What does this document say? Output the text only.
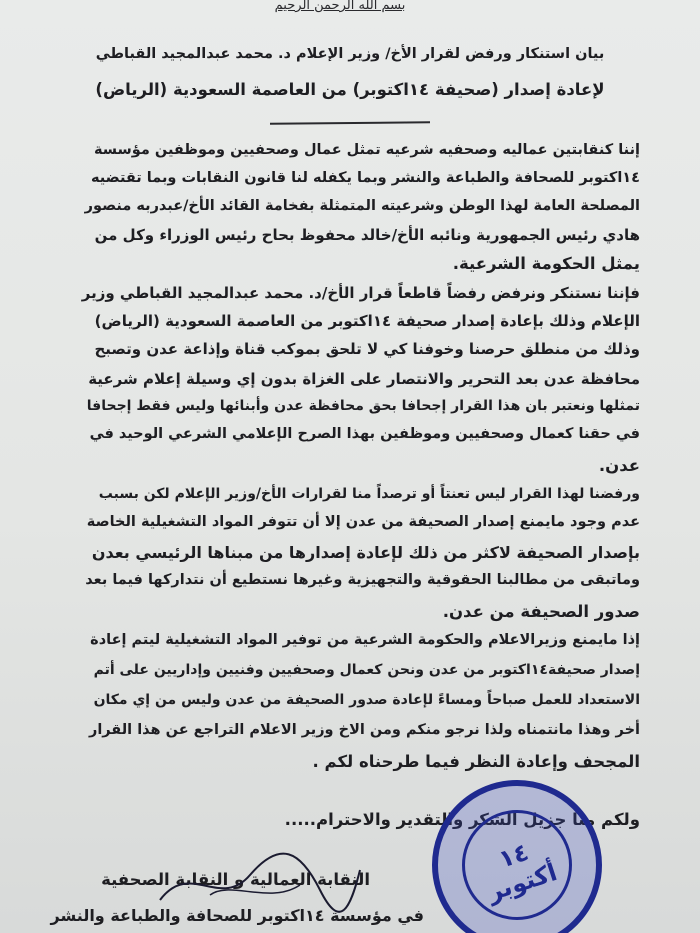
بسم الله الرحمن الرحيم
بيان استنكار ورفض لقرار الأخ/ وزير الإعلام د. محمد عبدالمجيد القباطي
لإعادة إصدار (صحيفة ١٤اكتوبر) من العاصمة السعودية (الرياض)
إننا كنقابتين عماليه وصحفيه شرعيه تمثل عمال وصحفيين وموظفين مؤسسة
١٤اكتوبر للصحافة والطباعة والنشر وبما يكفله لنا قانون النقابات وبما تقتضيه
المصلحة العامة لهذا الوطن وشرعيته المتمثلة بفخامة القائد الأخ/عبدربه منصور
هادي رئيس الجمهورية ونائبه الأخ/خالد محفوظ بحاح رئيس الوزراء وكل من
يمثل الحكومة الشرعية.
فإننا نستنكر ونرفض رفضاً قاطعاً قرار الأخ/د. محمد عبدالمجيد القباطي وزير
الإعلام وذلك بإعادة إصدار صحيفة ١٤اكتوبر من العاصمة السعودية (الرياض)
وذلك من منطلق حرصنا وخوفنا كي لا تلحق بموكب قناة وإذاعة عدن وتصبح
محافظة عدن بعد التحرير والانتصار على الغزاة بدون إي وسيلة إعلام شرعية
تمثلها ونعتبر بان هذا القرار إجحافا بحق محافظة عدن وأبنائها وليس فقط إجحافا
في حقنا كعمال وصحفيين وموظفين بهذا الصرح الإعلامي الشرعي الوحيد في
عدن.
ورفضنا لهذا القرار ليس تعنتاً أو ترصداً منا لقرارات الأخ/وزير الإعلام لكن بسبب
عدم وجود مايمنع إصدار الصحيفة من عدن إلا أن تتوفر المواد التشغيلية الخاصة
بإصدار الصحيفة لاكثر من ذلك لإعادة إصدارها من مبناها الرئيسي بعدن
وماتبقى من مطالبنا الحقوقية والتجهيزية وغيرها نستطيع أن نتداركها فيما بعد
صدور الصحيفة من عدن.
إذا مايمنع وزيرالاعلام والحكومة الشرعية من توفير المواد التشغيلية ليتم إعادة
إصدار صحيفة١٤اكتوبر من عدن ونحن كعمال وصحفيين وفنيين وإداريين على أتم
الاستعداد للعمل صباحاً ومساءً لإعادة صدور الصحيفة من عدن وليس من إي مكان
أخر وهذا مانتمناه ولذا نرجو منكم ومن الاخ وزير الاعلام التراجع عن هذا القرار
المجحف وإعادة النظر فيما طرحناه لكم .
ولكم منا جزيل الشكر والتقدير والاحترام.....
١٤ أكتوبر
النقابة العمالية و النقابة الصحفية
في مؤسسة ١٤اكتوبر للصحافة والطباعة والنشر
